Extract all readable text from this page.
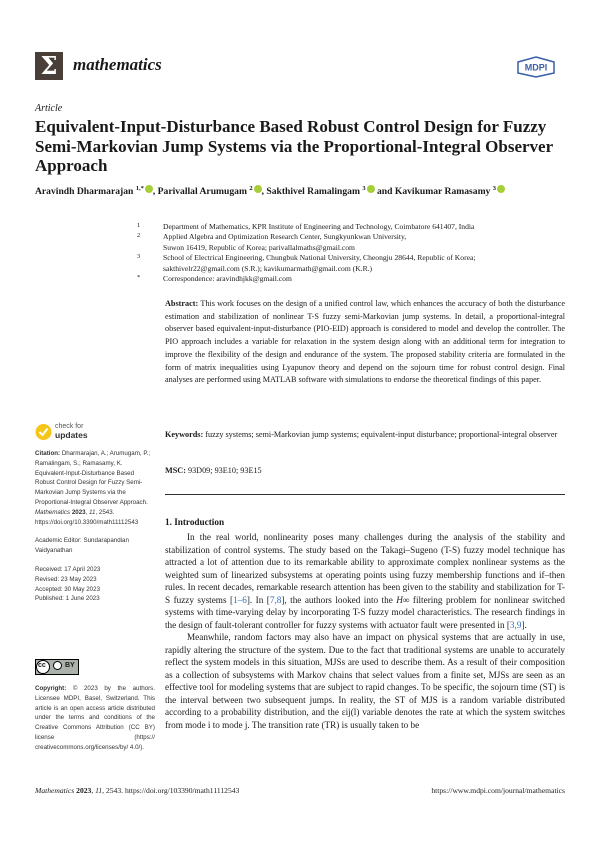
Σ mathematics	MDPI
Article
Equivalent-Input-Disturbance Based Robust Control Design for Fuzzy Semi-Markovian Jump Systems via the Proportional-Integral Observer Approach
Aravindh Dharmarajan $^{1,*}$ , Parivallal Arumugam $^2$ , Sakthivel Ramalingam $^3$ and Kavikumar Ramasamy $^3$
1	Department of Mathematics, KPR Institute of Engineering and Technology, Coimbatore 641407, India
2	Applied Algebra and Optimization Research Center, Sungkyunkwan University,
Suwon 16419, Republic of Korea; parivallalmaths@gmail.com
3	School of Electrical Engineering, Chungbuk National University, Cheongju 28644, Republic of Korea;
sakthivelr22@gmail.com (S.R.); kavikumarmath@gmail.com (K.R.)
*	Correspondence: aravindhjkk@gmail.com
Abstract: This work focuses on the design of a unified control law, which enhances the accuracy of both the disturbance estimation and stabilization of nonlinear T-S fuzzy semi-Markovian jump systems. In detail, a proportional-integral observer based equivalent-input-disturbance (PIO-EID) approach is considered to model and develop the controller. The PIO approach includes a variable for relaxation in the system design along with an additional term for integration to improve the flexibility of the design and endurance of the system. The proposed stability criteria are formulated in the form of matrix inequalities using Lyapunov theory and depend on the sojourn time for robust control design. Final analyses are performed using MATLAB software with simulations to endorse the theoretical findings of this paper.
Keywords: fuzzy systems; semi-Markovian jump systems; equivalent-input disturbance; proportional-integral observer
MSC: 93D09; 93E10; 93E15
check for
updates
Citation: Dharmarajan, A.; Arumugam, P.; Ramalingam, S.; Ramasamy, K. Equivalent-Input-Disturbance Based Robust Control Design for Fuzzy Semi-Markovian Jump Systems via the Proportional-Integral Observer Approach. Mathematics 2023, 11, 2543. https://doi.org/10.3390/math11112543
Academic Editor: Sundarapandian Vaidyanathan
Received: 17 April 2023
Revised: 23 May 2023
Accepted: 30 May 2023
Published: 1 June 2023
cc	BY
Copyright: © 2023 by the authors. Licensee MDPI, Basel, Switzerland. This article is an open access article distributed under the terms and conditions of the Creative Commons Attribution (CC BY) license (https:// creativecommons.org/licenses/by/ 4.0/).
1. Introduction

In the real world, nonlinearity poses many challenges during the analysis of the stability and stabilization of control systems. The study based on the Takagi–Sugeno (T-S) fuzzy model technique has attracted a lot of attention due to its remarkable ability to approximate complex nonlinear systems as the weighted sum of linearized subsystems at operating points using fuzzy membership functions and if–then rules. In recent decades, remarkable research attention has been given to the stability and stabilization for T-S fuzzy systems [1–6]. In [7,8], the authors looked into the H∞ filtering problem for nonlinear switched systems with time-varying delay by incorporating T-S fuzzy model characteristics. The research findings in the design of fault-tolerant controller for fuzzy systems with actuator fault were presented in [3,9].

Meanwhile, random factors may also have an impact on physical systems that are actually in use, rapidly altering the structure of the system. Due to the fact that traditional systems are unable to accurately reflect the system models in this situation, MJSs are used to describe them. As a result of their composition as a collection of subsystems with Markov chains that select values from a finite set, MJSs are seen as an effective tool for modeling systems that are subject to rapid changes. To be specific, the sojourn time (ST) is the interval between two subsequent jumps. In reality, the ST of MJS is a random variable distributed according to a probability distribution, and the εij(l) variable denotes the rate at which the system switches from mode i to mode j. The transition rate (TR) is usually taken to be

Mathematics 2023, 11, 2543. https://doi.org/103390/math11112543	https://www.mdpi.com/journal/mathematics
